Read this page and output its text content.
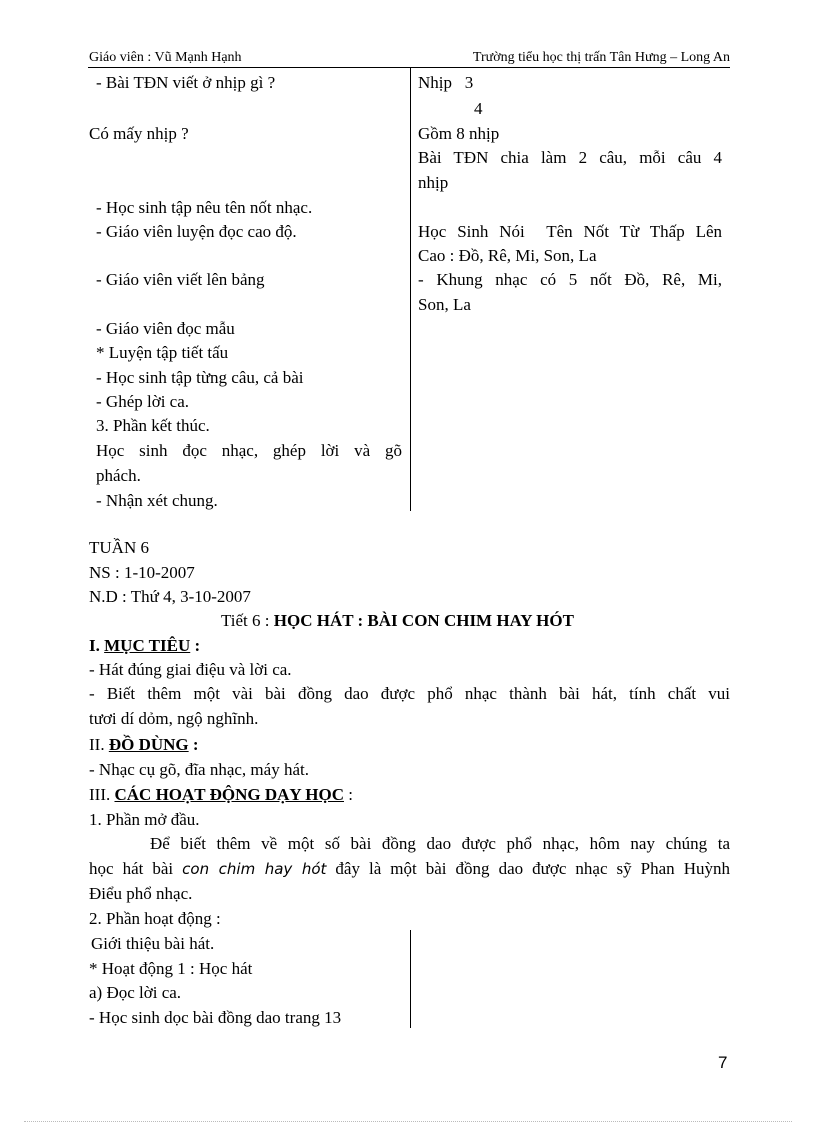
Giáo viên : Vũ Mạnh Hạnh	Trường tiểu học thị trấn Tân Hưng – Long An
- Bài TĐN viết ở nhịp gì ?
Có mấy nhịp ?
- Học sinh tập nêu tên nốt nhạc.
- Giáo viên luyện đọc cao độ.
- Giáo viên viết lên bảng
- Giáo viên đọc mẫu
* Luyện tập tiết tấu
- Học sinh tập từng câu, cả bài
- Ghép lời ca.
3. Phần kết thúc.
Học sinh đọc nhạc, ghép lời và gõ
phách.
- Nhận xét chung.
Nhịp   3
4
Gồm 8 nhịp
Bài TĐN chia làm 2 câu, mỗi câu 4
nhịp
Học Sinh Nói  Tên Nốt Từ Thấp Lên
Cao : Đồ, Rê, Mi, Son, La
- Khung nhạc có 5 nốt Đồ, Rê, Mi,
Son, La
TUẦN 6
NS : 1-10-2007
N.D : Thứ 4, 3-10-2007
Tiết 6 : HỌC HÁT : BÀI CON CHIM HAY HÓT
I. MỤC TIÊU :
- Hát đúng giai điệu và lời ca.
- Biết thêm một vài bài đồng dao được phổ nhạc thành bài hát, tính chất vui
tươi dí dỏm, ngộ nghĩnh.
II. ĐỒ DÙNG :
- Nhạc cụ gõ, đĩa nhạc, máy hát.
III. CÁC HOẠT ĐỘNG DẠY HỌC :
1. Phần mở đầu.
Để biết thêm về một số bài đồng dao được phổ nhạc, hôm nay chúng ta
học hát bài con chim hay hót đây là một bài đồng dao được nhạc sỹ Phan Huỳnh
Điểu phổ nhạc.
2. Phần hoạt động :
Giới thiệu bài hát.
* Hoạt động 1 : Học hát
a) Đọc lời ca.
- Học sinh dọc bài đồng dao trang 13
7
